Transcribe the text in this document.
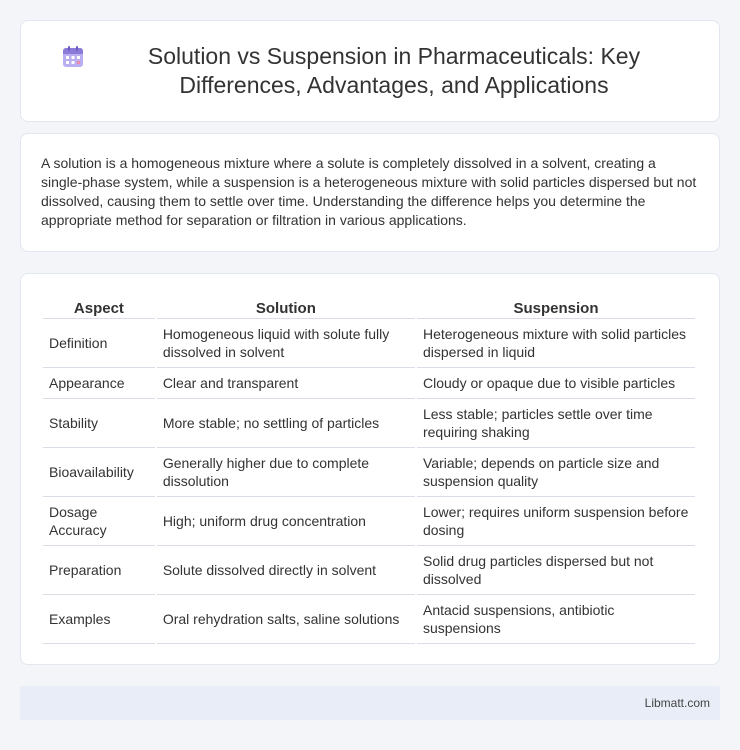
Solution vs Suspension in Pharmaceuticals: Key Differences, Advantages, and Applications

A solution is a homogeneous mixture where a solute is completely dissolved in a solvent, creating a single-phase system, while a suspension is a heterogeneous mixture with solid particles dispersed but not dissolved, causing them to settle over time. Understanding the difference helps you determine the appropriate method for separation or filtration in various applications.

Aspect	Solution	Suspension
Definition	Homogeneous liquid with solute fully dissolved in solvent	Heterogeneous mixture with solid particles dispersed in liquid
Appearance	Clear and transparent	Cloudy or opaque due to visible particles
Stability	More stable; no settling of particles	Less stable; particles settle over time requiring shaking
Bioavailability	Generally higher due to complete dissolution	Variable; depends on particle size and suspension quality
Dosage Accuracy	High; uniform drug concentration	Lower; requires uniform suspension before dosing
Preparation	Solute dissolved directly in solvent	Solid drug particles dispersed but not dissolved
Examples	Oral rehydration salts, saline solutions	Antacid suspensions, antibiotic suspensions
Libmatt.com
